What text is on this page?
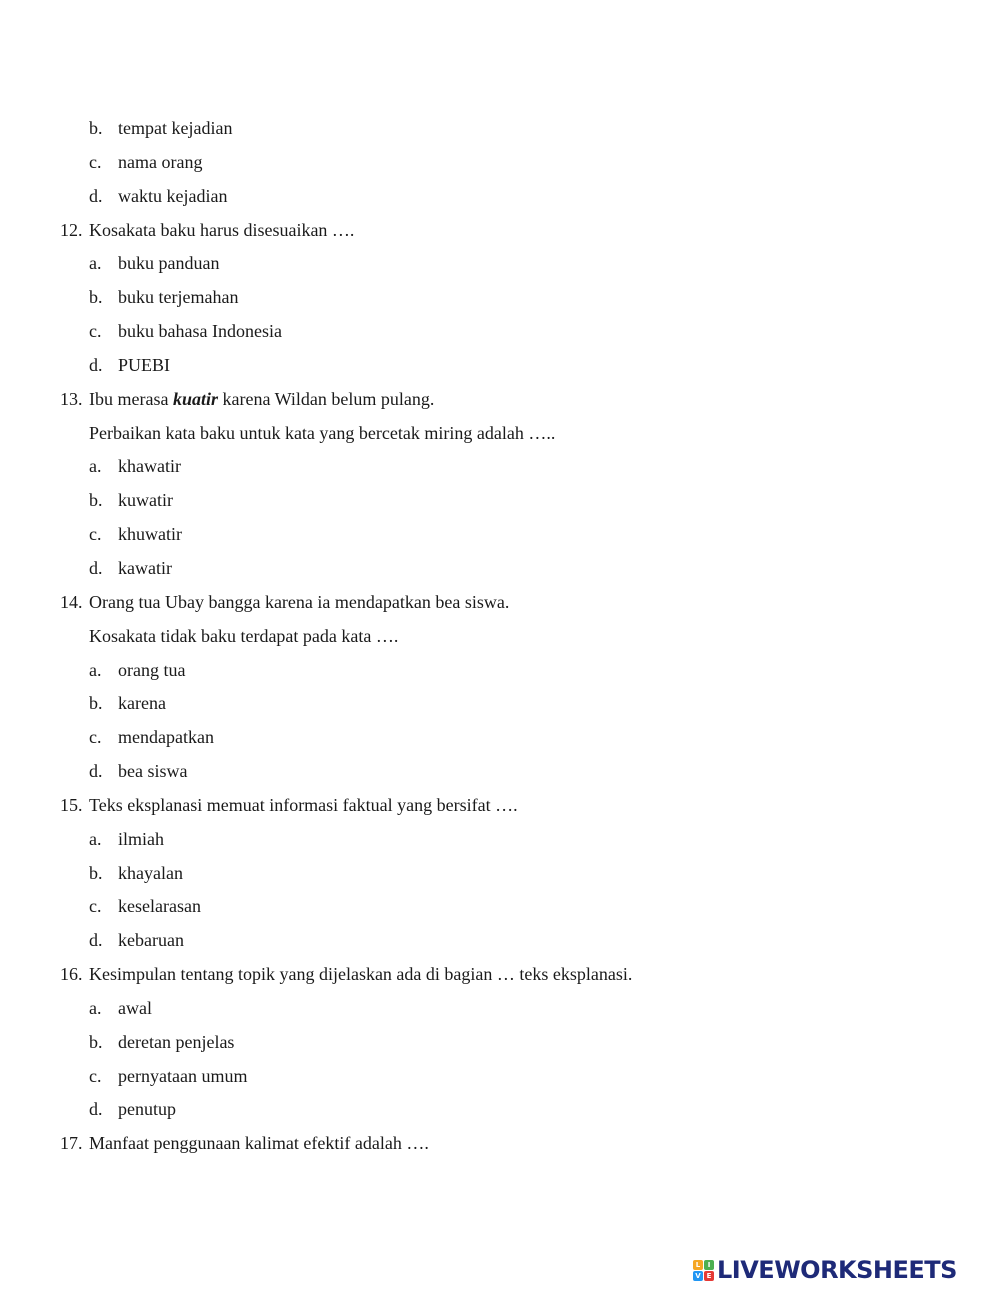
b. tempat kejadian
c. nama orang
d. waktu kejadian
12. Kosakata baku harus disesuaikan ….
a. buku panduan
b. buku terjemahan
c. buku bahasa Indonesia
d. PUEBI
13. Ibu merasa kuatir karena Wildan belum pulang.
Perbaikan kata baku untuk kata yang bercetak miring adalah …..
a. khawatir
b. kuwatir
c. khuwatir
d. kawatir
14. Orang tua Ubay bangga karena ia mendapatkan bea siswa.
Kosakata tidak baku terdapat pada kata ….
a. orang tua
b. karena
c. mendapatkan
d. bea siswa
15. Teks eksplanasi memuat informasi faktual yang bersifat ….
a. ilmiah
b. khayalan
c. keselarasan
d. kebaruan
16. Kesimpulan tentang topik yang dijelaskan ada di bagian … teks eksplanasi.
a. awal
b. deretan penjelas
c. pernyataan umum
d. penutup
17. Manfaat penggunaan kalimat efektif adalah ….
L	I
V E LIVEWORKSHEETS
